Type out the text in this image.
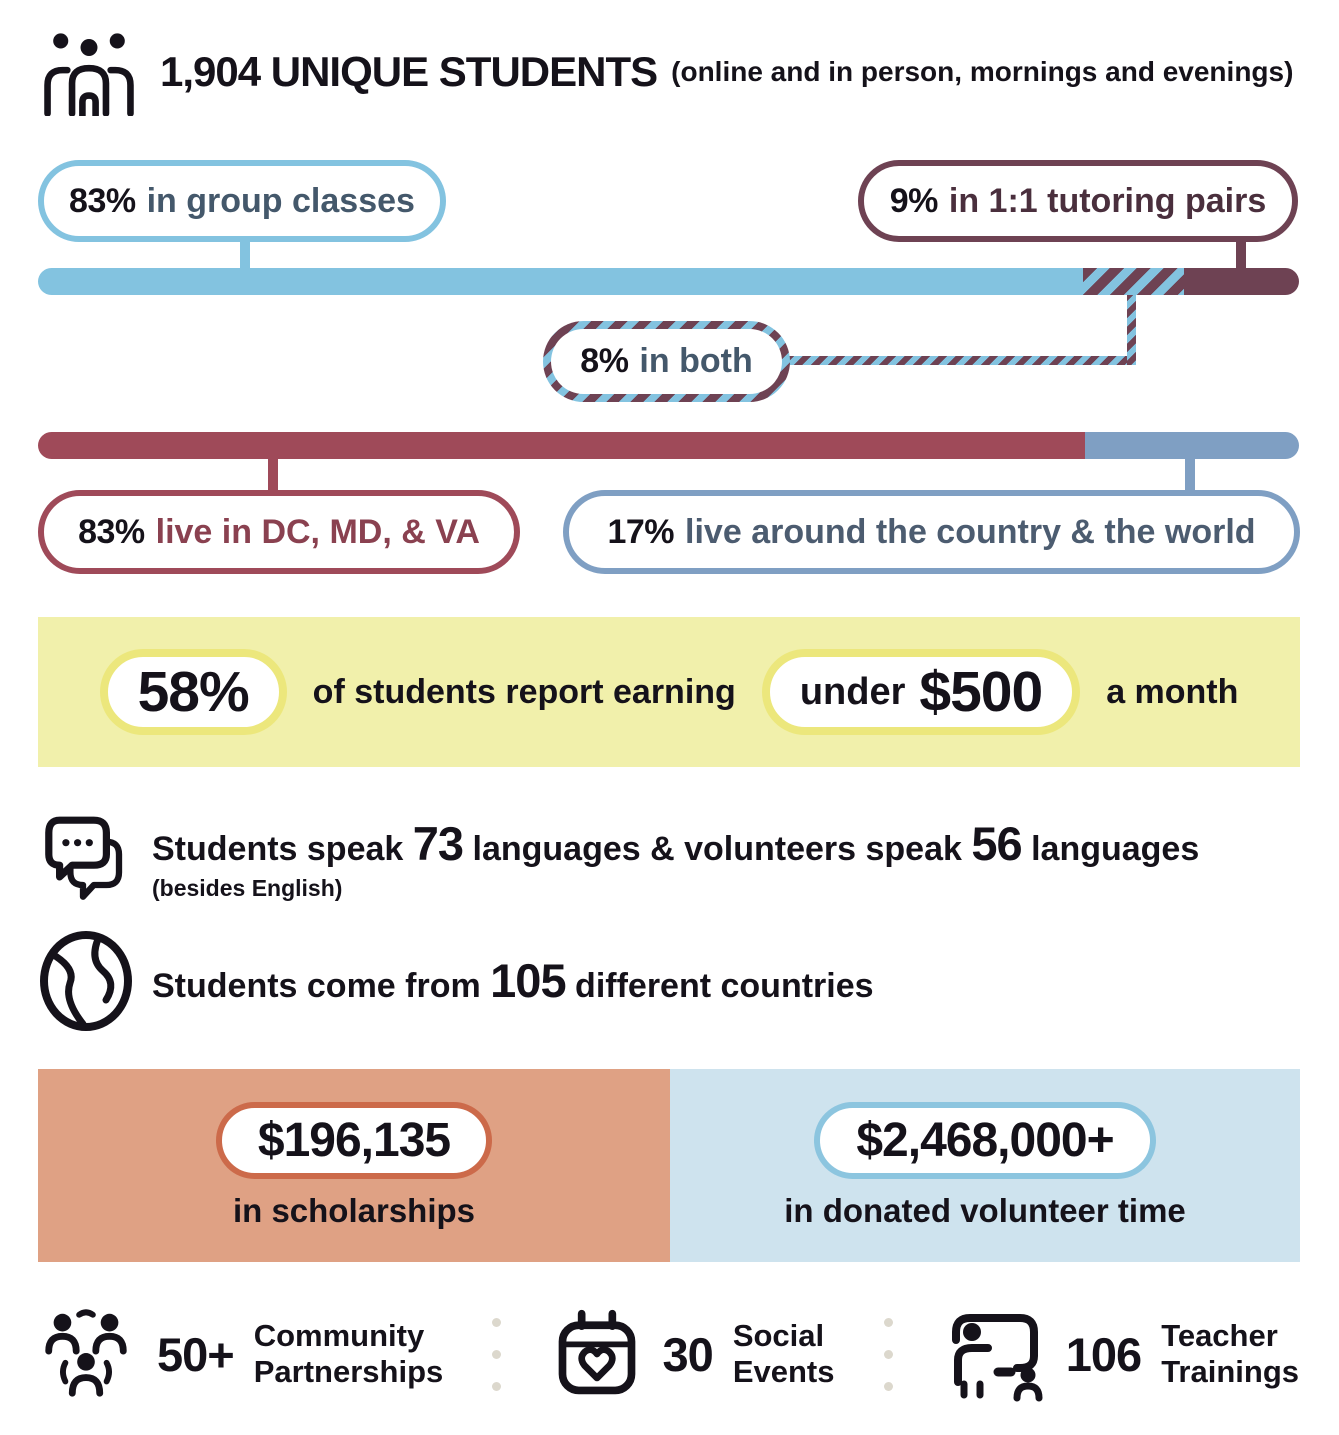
1,904 UNIQUE STUDENTS (online and in person, mornings and evenings)
83% in group classes	9% in 1:1 tutoring pairs
8% in both
83% live in DC, MD, & VA	17% live around the country & the world
58% of students report earning under $500 a month
Students speak 73 languages & volunteers speak 56 languages
(besides English)
Students come from 105 different countries
$196,135
in scholarships
$2,468,000+
in donated volunteer time
50+ Community
Partnerships	30 Social
Events	106 Teacher
Trainings
